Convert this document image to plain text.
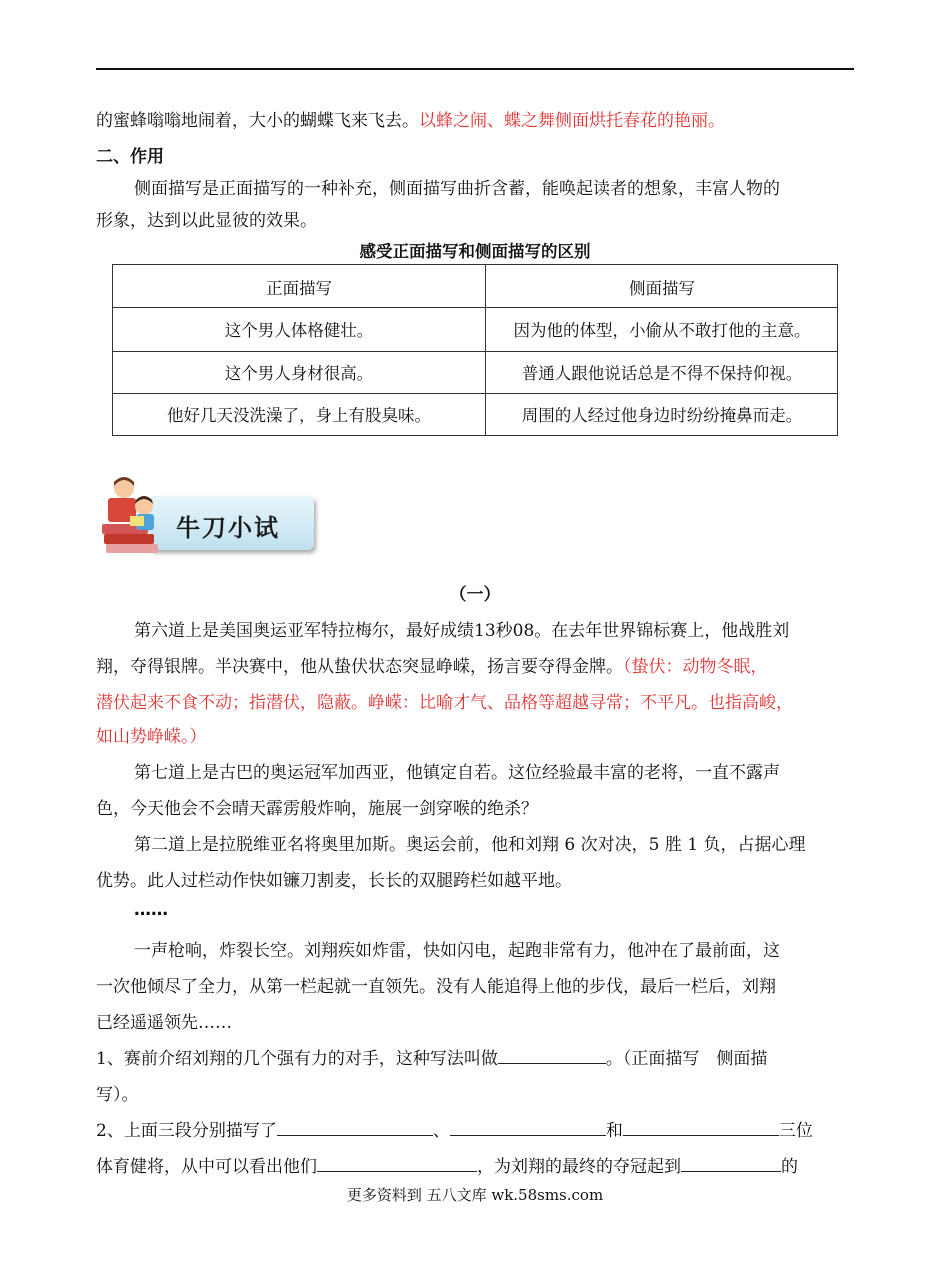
的蜜蜂嗡嗡地闹着，大小的蝴蝶飞来飞去。以蜂之闹、蝶之舞侧面烘托春花的艳丽。
二、作用
侧面描写是正面描写的一种补充，侧面描写曲折含蓄，能唤起读者的想象，丰富人物的
形象，达到以此显彼的效果。
感受正面描写和侧面描写的区别
正面描写	侧面描写
这个男人体格健壮。	因为他的体型，小偷从不敢打他的主意。
这个男人身材很高。	普通人跟他说话总是不得不保持仰视。
他好几天没洗澡了，身上有股臭味。	周围的人经过他身边时纷纷掩鼻而走。
牛刀小试
（一）
第六道上是美国奥运亚军特拉梅尔，最好成绩13秒08。在去年世界锦标赛上，他战胜刘
翔，夺得银牌。半决赛中，他从蛰伏状态突显峥嵘，扬言要夺得金牌。（蛰伏：动物冬眠，
潜伏起来不食不动；指潜伏，隐蔽。峥嵘：比喻才气、品格等超越寻常；不平凡。也指高峻，
如山势峥嵘。）
第七道上是古巴的奥运冠军加西亚，他镇定自若。这位经验最丰富的老将，一直不露声
色，今天他会不会晴天霹雳般炸响，施展一剑穿喉的绝杀？
第二道上是拉脱维亚名将奥里加斯。奥运会前，他和刘翔 6 次对决，5 胜 1 负，占据心理
优势。此人过栏动作快如镰刀割麦，长长的双腿跨栏如越平地。
……
一声枪响，炸裂长空。刘翔疾如炸雷，快如闪电，起跑非常有力，他冲在了最前面，这
一次他倾尽了全力，从第一栏起就一直领先。没有人能追得上他的步伐，最后一栏后，刘翔
已经遥遥领先……
1、赛前介绍刘翔的几个强有力的对手，这种写法叫做	。（正面描写　侧面描
写）。
2、上面三段分别描写了	、	和	三位
体育健将，从中可以看出他们	，为刘翔的最终的夺冠起到	的
更多资料到 五八文库 wk.58sms.com
